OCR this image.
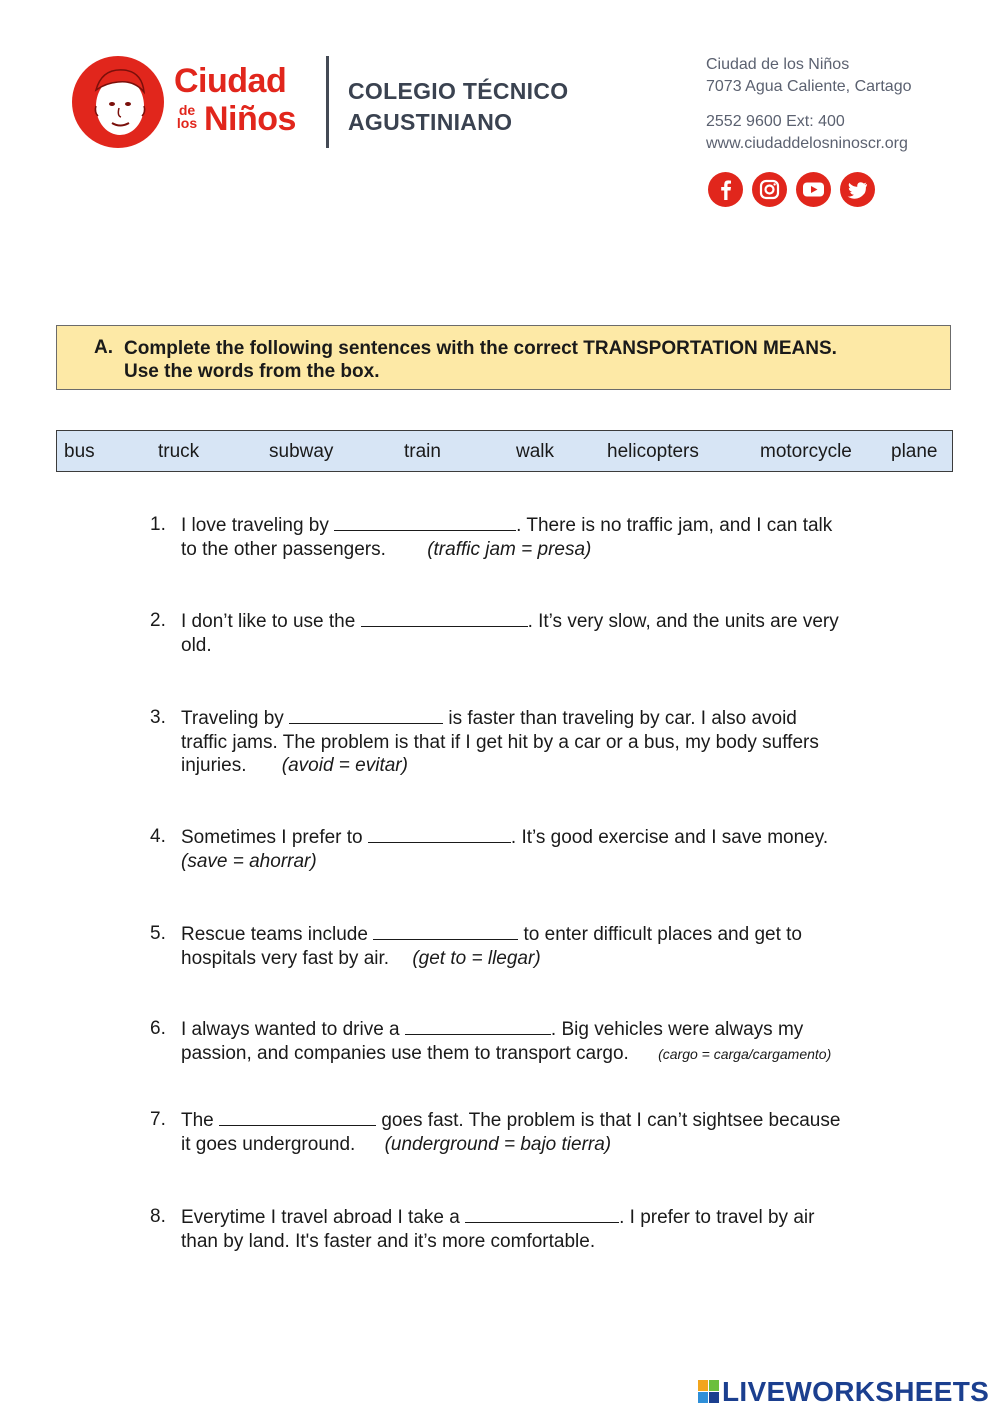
Ciudad
de
los Niños
COLEGIO TÉCNICO
AGUSTINIANO
Ciudad de los Niños
7073 Agua Caliente, Cartago
2552 9600 Ext: 400
www.ciudaddelosninoscr.org
A. Complete the following sentences with the correct TRANSPORTATION MEANS.
Use the words from the box.
bus	truck	subway	train	walk	helicopters	motorcycle plane
1. I love traveling by	. There is no traffic jam, and I can talk
to the other passengers. (traffic jam = presa)
2. I don’t like to use the	. It’s very slow, and the units are very
old.
3. Traveling by	is faster than traveling by car. I also avoid
traffic jams. The problem is that if I get hit by a car or a bus, my body suffers
injuries. (avoid = evitar)
4. Sometimes I prefer to	. It’s good exercise and I save money.
(save = ahorrar)
5. Rescue teams include	to enter difficult places and get to
hospitals very fast by air. (get to = llegar)
6. I always wanted to drive a	. Big vehicles were always my
passion, and companies use them to transport cargo. (cargo = carga/cargamento)
7. The	goes fast. The problem is that I can’t sightsee because
it goes underground. (underground = bajo tierra)
8. Everytime I travel abroad I take a	. I prefer to travel by air
than by land. It's faster and it’s more comfortable.
LIVEWORKSHEETS
